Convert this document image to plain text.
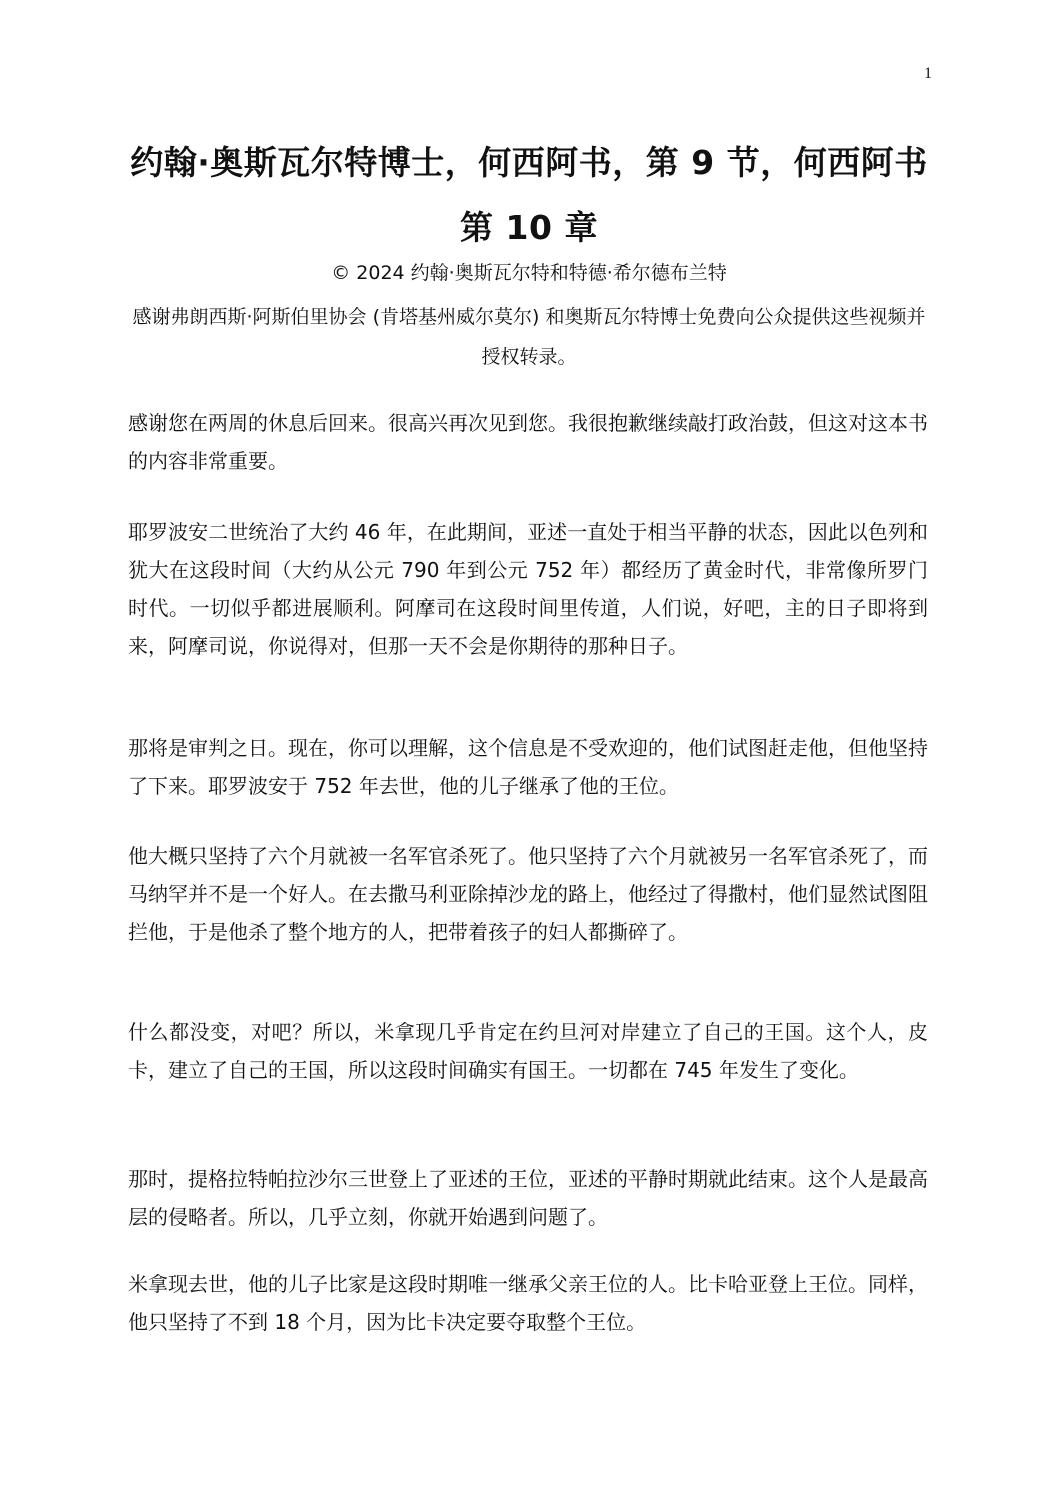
1
约翰·奥斯瓦尔特博士，何西阿书，第 9 节，何西阿书第 10 章

© 2024 约翰·奥斯瓦尔特和特德·希尔德布兰特

感谢弗朗西斯·阿斯伯里协会 (肯塔基州威尔莫尔) 和奥斯瓦尔特博士免费向公众提供这些视频并授权转录。

感谢您在两周的休息后回来。很高兴再次见到您。我很抱歉继续敲打政治鼓，但这对这本书的内容非常重要。

耶罗波安二世统治了大约 46 年，在此期间，亚述一直处于相当平静的状态，因此以色列和犹大在这段时间（大约从公元 790 年到公元 752 年）都经历了黄金时代，非常像所罗门时代。一切似乎都进展顺利。阿摩司在这段时间里传道，人们说，好吧，主的日子即将到来，阿摩司说，你说得对，但那一天不会是你期待的那种日子。

那将是审判之日。现在，你可以理解，这个信息是不受欢迎的，他们试图赶走他，但他坚持了下来。耶罗波安于 752 年去世，他的儿子继承了他的王位。

他大概只坚持了六个月就被一名军官杀死了。他只坚持了六个月就被另一名军官杀死了，而马纳罕并不是一个好人。在去撒马利亚除掉沙龙的路上，他经过了得撒村，他们显然试图阻拦他，于是他杀了整个地方的人，把带着孩子的妇人都撕碎了。

什么都没变，对吧？所以，米拿现几乎肯定在约旦河对岸建立了自己的王国。这个人，皮卡，建立了自己的王国，所以这段时间确实有国王。一切都在 745 年发生了变化。

那时，提格拉特帕拉沙尔三世登上了亚述的王位，亚述的平静时期就此结束。这个人是最高层的侵略者。所以，几乎立刻，你就开始遇到问题了。

米拿现去世，他的儿子比家是这段时期唯一继承父亲王位的人。比卡哈亚登上王位。同样，他只坚持了不到 18 个月，因为比卡决定要夺取整个王位。
